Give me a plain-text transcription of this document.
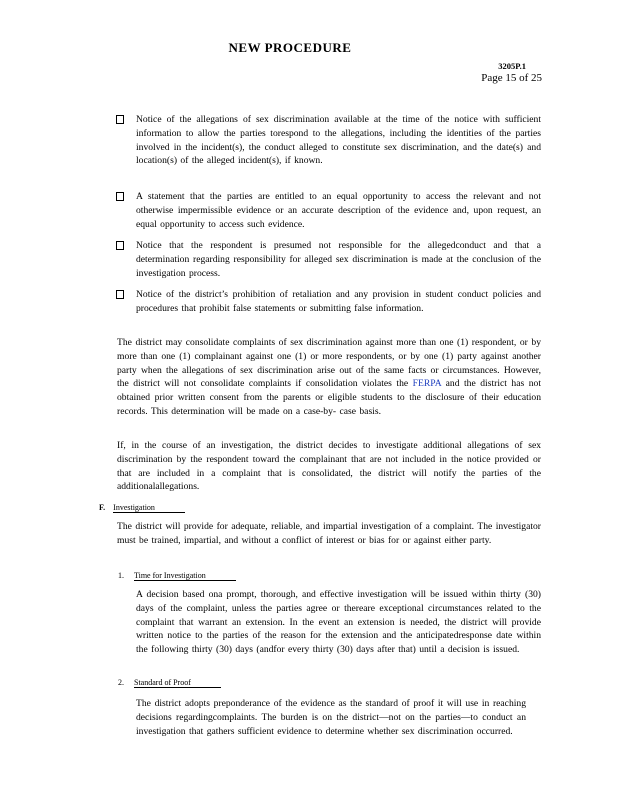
NEW PROCEDURE
3205P.1
Page 15 of 25
Notice of the allegations of sex discrimination available at the time of the notice with sufficient information to allow the parties torespond to the allegations, including the identities of the parties involved in the incident(s), the conduct alleged to constitute sex discrimination, and the date(s) and location(s) of the alleged incident(s), if known.
A statement that the parties are entitled to an equal opportunity to access the relevant and not otherwise impermissible evidence or an accurate description of the evidence and, upon request, an equal opportunity to access such evidence.
Notice that the respondent is presumed not responsible for the allegedconduct and that a determination regarding responsibility for alleged sex discrimination is made at the conclusion of the investigation process.
Notice of the district’s prohibition of retaliation and any provision in student conduct policies and procedures that prohibit false statements or submitting false information.
The district may consolidate complaints of sex discrimination against more than one (1) respondent, or by more than one (1) complainant against one (1) or more respondents, or by one (1) party against another party when the allegations of sex discrimination arise out of the same facts or circumstances. However, the district will not consolidate complaints if consolidation violates the FERPA and the district has not obtained prior written consent from the parents or eligible students to the disclosure of their education records. This determination will be made on a case-by- case basis.
If, in the course of an investigation, the district decides to investigate additional allegations of sex discrimination by the respondent toward the complainant that are not included in the notice provided or that are included in a complaint that is consolidated, the district will notify the parties of the additionalallegations.
F. Investigation
The district will provide for adequate, reliable, and impartial investigation of a complaint. The investigator must be trained, impartial, and without a conflict of interest or bias for or against either party.
1. Time for Investigation
A decision based ona prompt, thorough, and effective investigation will be issued within thirty (30) days of the complaint, unless the parties agree or thereare exceptional circumstances related to the complaint that warrant an extension. In the event an extension is needed, the district will provide written notice to the parties of the reason for the extension and the anticipatedresponse date within the following thirty (30) days (andfor every thirty (30) days after that) until a decision is issued.
2. Standard of Proof
The district adopts preponderance of the evidence as the standard of proof it will use in reaching decisions regardingcomplaints. The burden is on the district—not on the parties—to conduct an investigation that gathers sufficient evidence to determine whether sex discrimination occurred.
